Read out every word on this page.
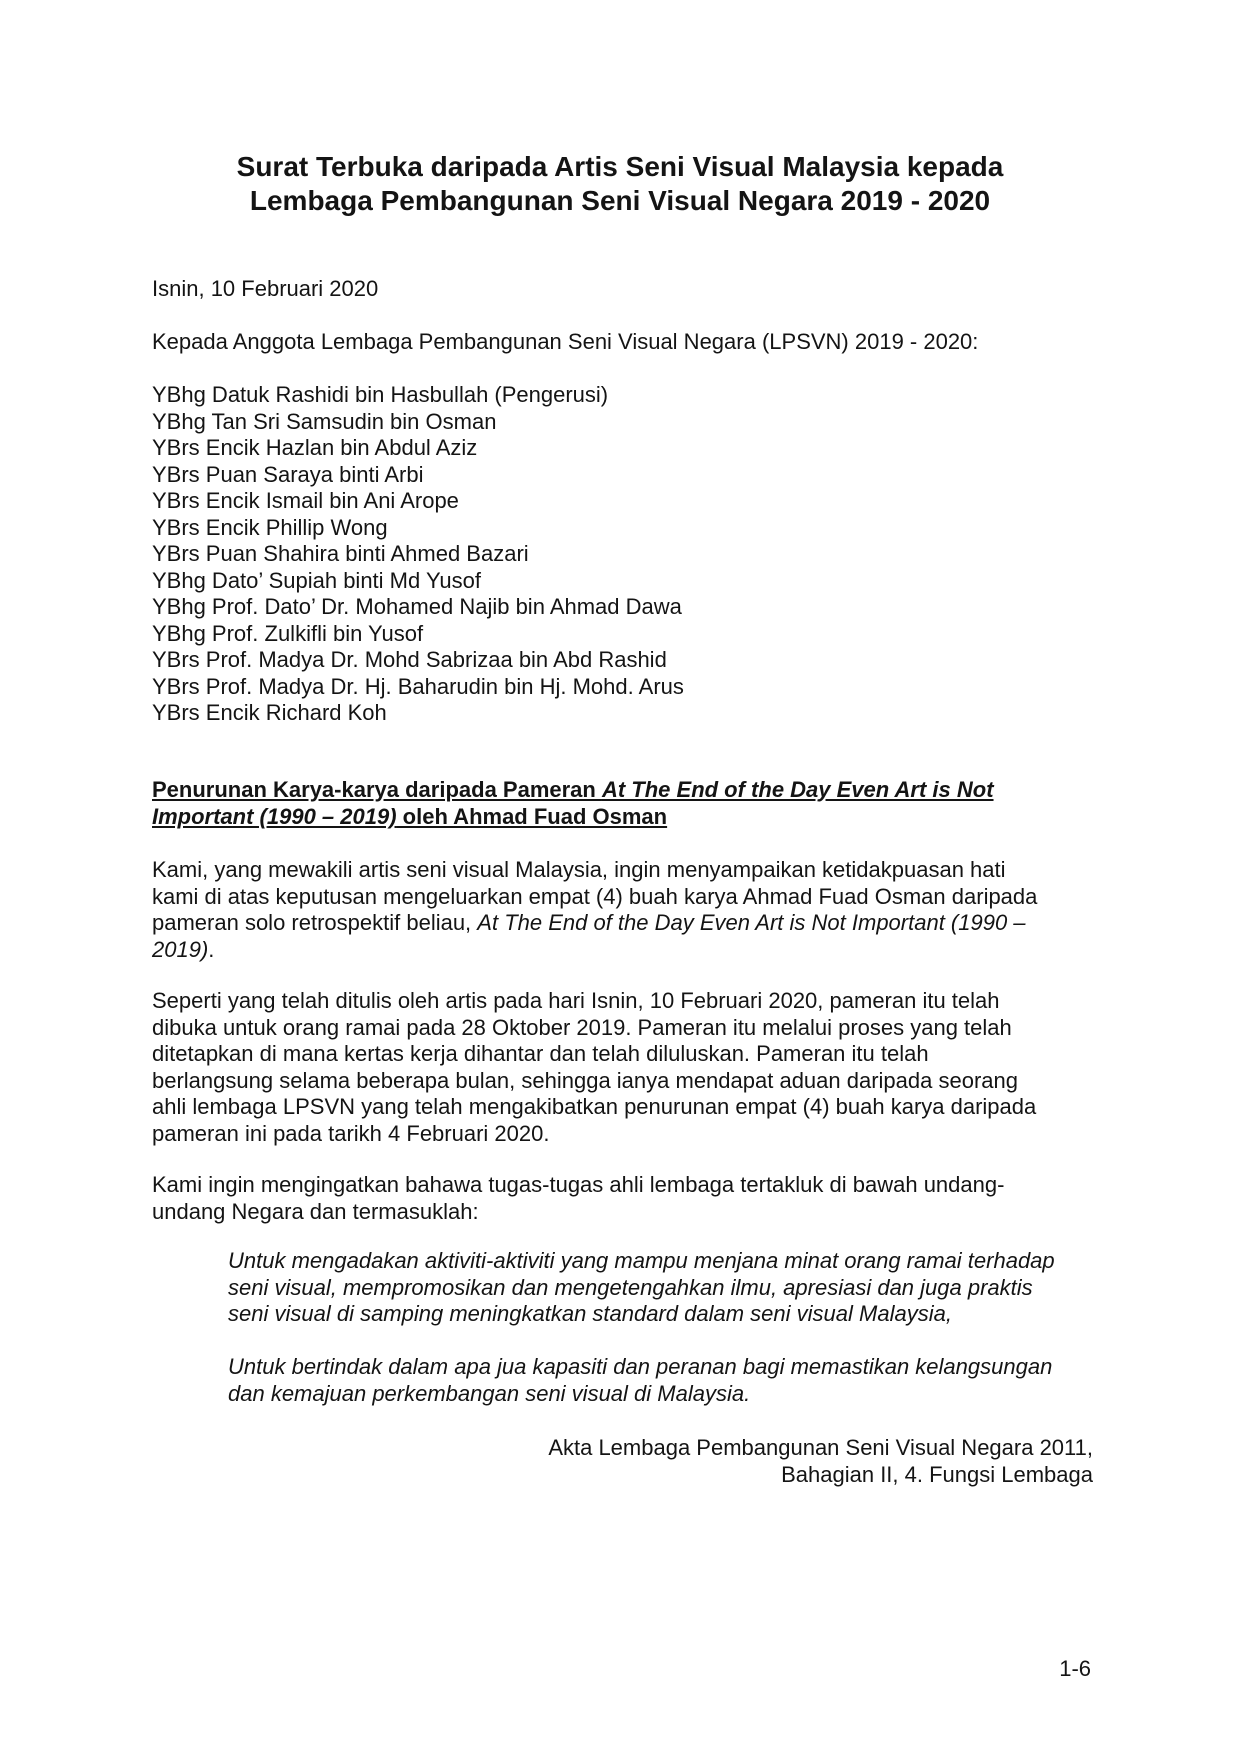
Surat Terbuka daripada Artis Seni Visual Malaysia kepada
Lembaga Pembangunan Seni Visual Negara 2019 - 2020

Isnin, 10 Februari 2020

Kepada Anggota Lembaga Pembangunan Seni Visual Negara (LPSVN) 2019 - 2020:

YBhg Datuk Rashidi bin Hasbullah (Pengerusi)
YBhg Tan Sri Samsudin bin Osman
YBrs Encik Hazlan bin Abdul Aziz
YBrs Puan Saraya binti Arbi
YBrs Encik Ismail bin Ani Arope
YBrs Encik Phillip Wong
YBrs Puan Shahira binti Ahmed Bazari
YBhg Dato’ Supiah binti Md Yusof
YBhg Prof. Dato’ Dr. Mohamed Najib bin Ahmad Dawa
YBhg Prof. Zulkifli bin Yusof
YBrs Prof. Madya Dr. Mohd Sabrizaa bin Abd Rashid
YBrs Prof. Madya Dr. Hj. Baharudin bin Hj. Mohd. Arus
YBrs Encik Richard Koh
Penurunan Karya-karya daripada Pameran At The End of the Day Even Art is Not
Important (1990 – 2019) oleh Ahmad Fuad Osman

Kami, yang mewakili artis seni visual Malaysia, ingin menyampaikan ketidakpuasan hati
kami di atas keputusan mengeluarkan empat (4) buah karya Ahmad Fuad Osman daripada
pameran solo retrospektif beliau, At The End of the Day Even Art is Not Important (1990 –
2019).

Seperti yang telah ditulis oleh artis pada hari Isnin, 10 Februari 2020, pameran itu telah
dibuka untuk orang ramai pada 28 Oktober 2019. Pameran itu melalui proses yang telah
ditetapkan di mana kertas kerja dihantar dan telah diluluskan. Pameran itu telah
berlangsung selama beberapa bulan, sehingga ianya mendapat aduan daripada seorang
ahli lembaga LPSVN yang telah mengakibatkan penurunan empat (4) buah karya daripada
pameran ini pada tarikh 4 Februari 2020.

Kami ingin mengingatkan bahawa tugas-tugas ahli lembaga tertakluk di bawah undang-
undang Negara dan termasuklah:

Untuk mengadakan aktiviti-aktiviti yang mampu menjana minat orang ramai terhadap
seni visual, mempromosikan dan mengetengahkan ilmu, apresiasi dan juga praktis
seni visual di samping meningkatkan standard dalam seni visual Malaysia,
Untuk bertindak dalam apa jua kapasiti dan peranan bagi memastikan kelangsungan
dan kemajuan perkembangan seni visual di Malaysia.

Akta Lembaga Pembangunan Seni Visual Negara 2011,
Bahagian II, 4. Fungsi Lembaga

1-6
